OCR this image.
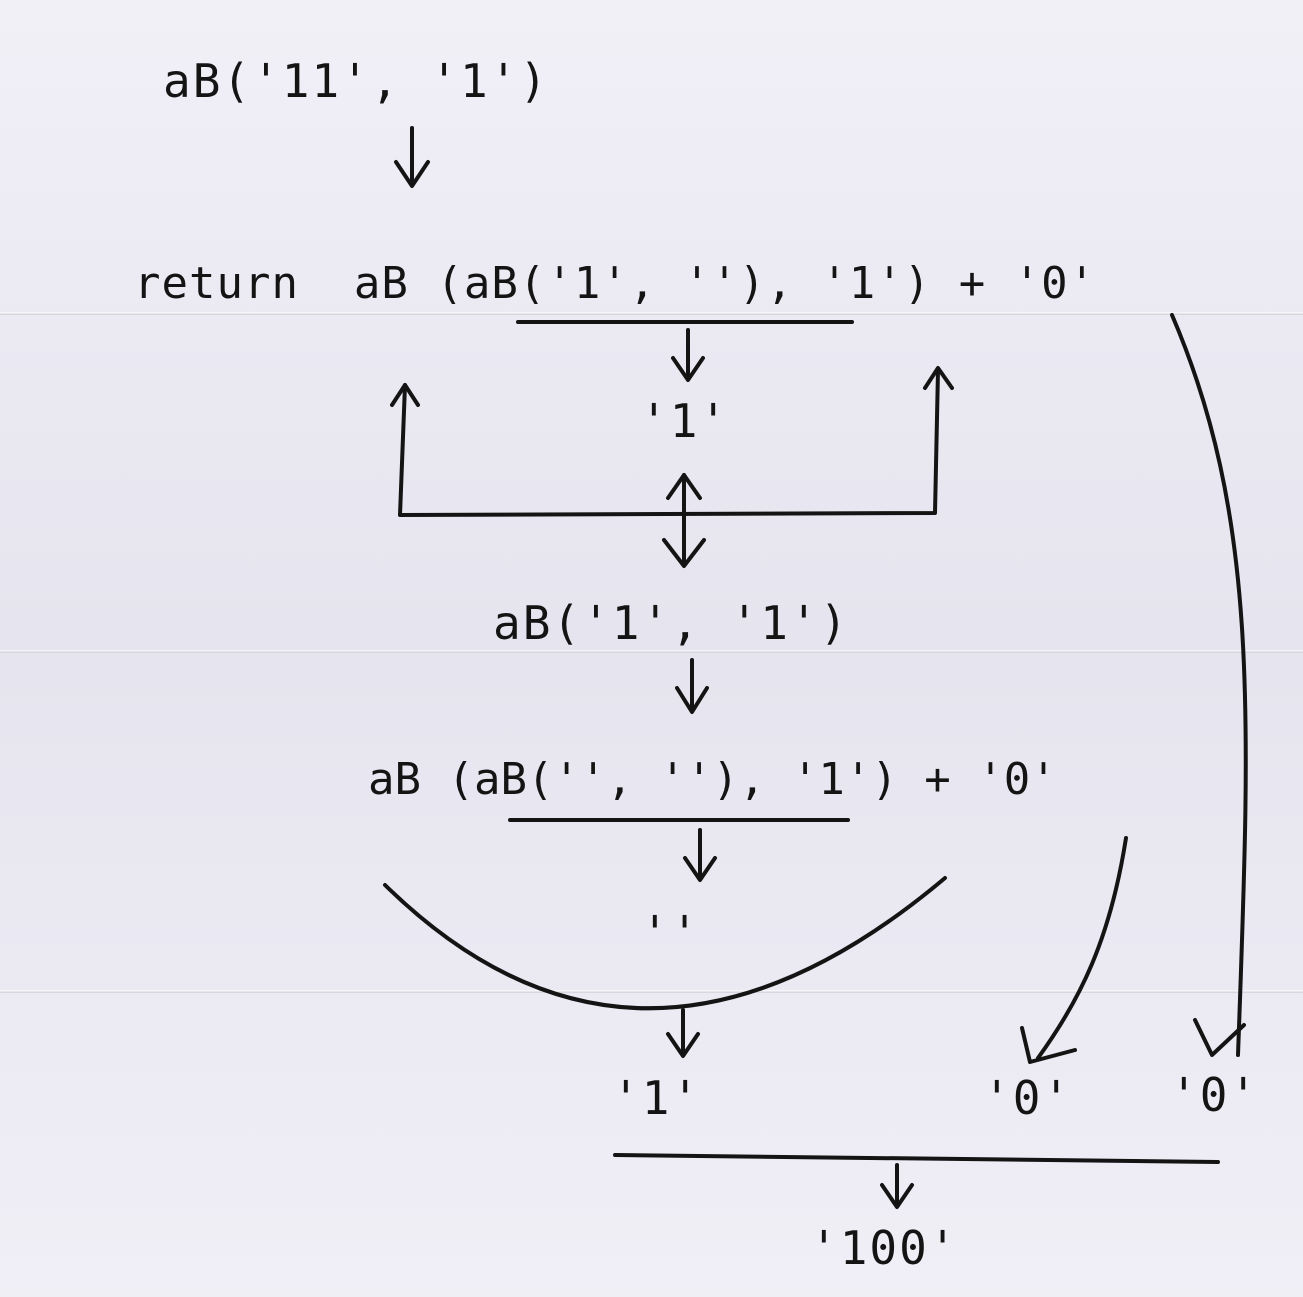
aB('11', '1')
return  aB (aB('1', ''), '1') + '0'
'1'
aB('1', '1')
aB (aB('', ''), '1') + '0'
''
'1'	'0' '0'
'100'
